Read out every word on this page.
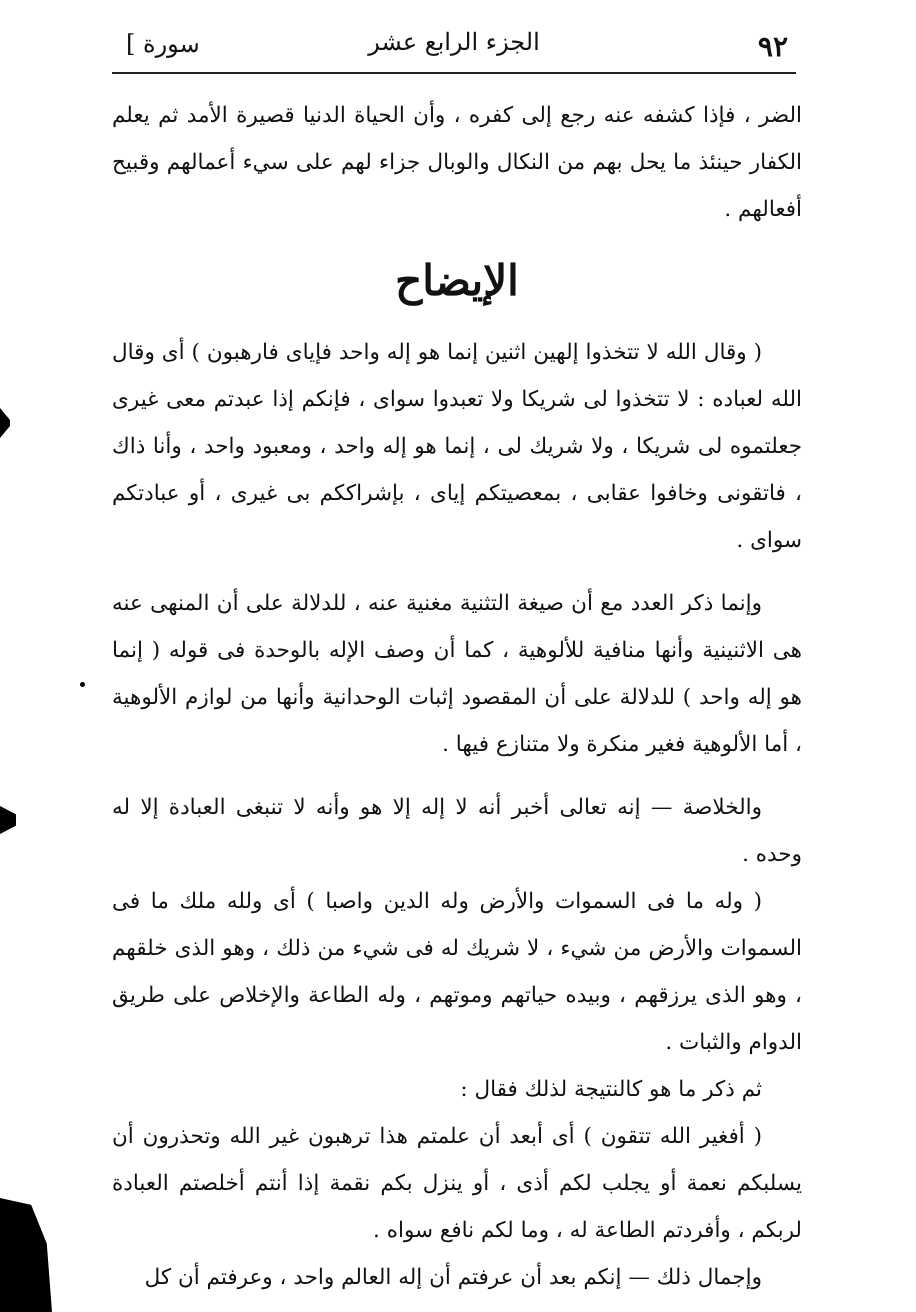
٩٢
الجزء الرابع عشر
[ سورة

الضر ، فإذا كشفه عنه رجع إلى كفره ، وأن الحياة الدنيا قصيرة الأمد ثم يعلم الكفار حينئذ ما يحل بهم من النكال والوبال جزاء لهم على سيء أعمالهم وقبيح أفعالهم .

الإيضاح

( وقال الله لا تتخذوا إلهين اثنين إنما هو إله واحد فإياى فارهبون ) أى وقال الله لعباده : لا تتخذوا لى شريكا ولا تعبدوا سواى ، فإنكم إذا عبدتم معى غيرى جعلتموه لى شريكا ، ولا شريك لى ، إنما هو إله واحد ، ومعبود واحد ، وأنا ذاك ، فاتقونى وخافوا عقابى ، بمعصيتكم إياى ، بإشراككم بى غيرى ، أو عبادتكم سواى .

وإنما ذكر العدد مع أن صيغة التثنية مغنية عنه ، للدلالة على أن المنهى عنه هى الاثنينية وأنها منافية للألوهية ، كما أن وصف الإله بالوحدة فى قوله ( إنما هو إله واحد ) للدلالة على أن المقصود إثبات الوحدانية وأنها من لوازم الألوهية ، أما الألوهية فغير منكرة ولا متنازع فيها .

والخلاصة — إنه تعالى أخبر أنه لا إله إلا هو وأنه لا تنبغى العبادة إلا له وحده .

( وله ما فى السموات والأرض وله الدين واصبا ) أى ولله ملك ما فى السموات والأرض من شيء ، لا شريك له فى شيء من ذلك ، وهو الذى خلقهم ، وهو الذى يرزقهم ، وبيده حياتهم وموتهم ، وله الطاعة والإخلاص على طريق الدوام والثبات .

ثم ذكر ما هو كالنتيجة لذلك فقال :

( أفغير الله تتقون ) أى أبعد أن علمتم هذا ترهبون غير الله وتحذرون أن يسلبكم نعمة أو يجلب لكم أذى ، أو ينزل بكم نقمة إذا أنتم أخلصتم العبادة لربكم ، وأفردتم الطاعة له ، وما لكم نافع سواه .

وإجمال ذلك — إنكم بعد أن عرفتم أن إله العالم واحد ، وعرفتم أن كل
